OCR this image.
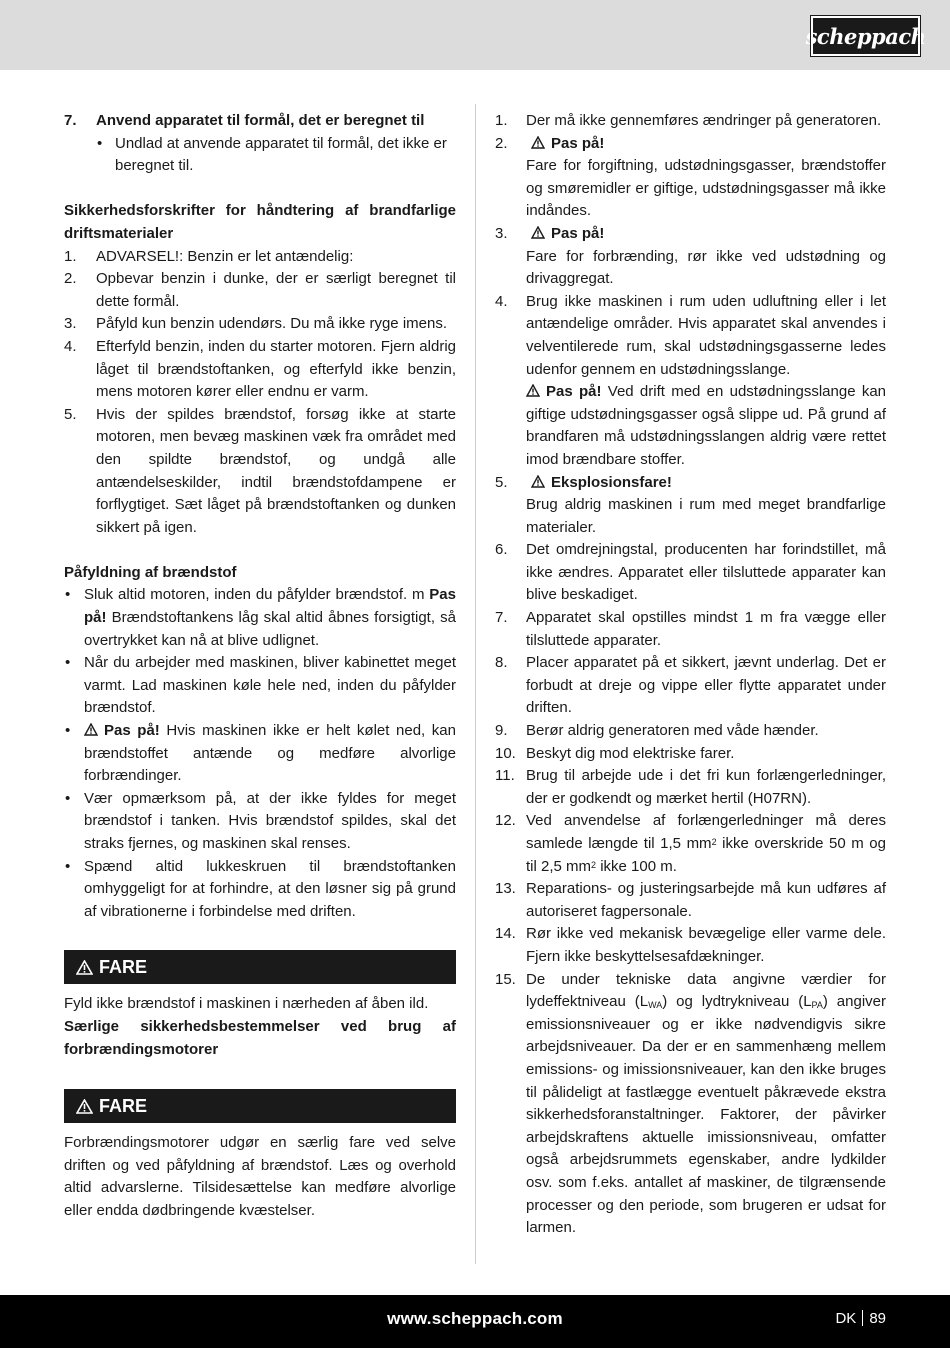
scheppach
7.	Anvend apparatet til formål, det er beregnet til
• Undlad at anvende apparatet til formål, det ikke er beregnet til.
Sikkerhedsforskrifter for håndtering af brandfarlige driftsmaterialer
1.	ADVARSEL!: Benzin er let antændelig:
2.	Opbevar benzin i dunke, der er særligt beregnet til dette formål.
3.	Påfyld kun benzin udendørs. Du må ikke ryge imens.
4.	Efterfyld benzin, inden du starter motoren. Fjern aldrig låget til brændstoftanken, og efterfyld ikke benzin, mens motoren kører eller endnu er varm.
5.	Hvis der spildes brændstof, forsøg ikke at starte motoren, men bevæg maskinen væk fra området med den spildte brændstof, og undgå alle antændelseskilder, indtil brændstofdampene er forflygtiget. Sæt låget på brændstoftanken og dunken sikkert på igen.
Påfyldning af brændstof
• Sluk altid motoren, inden du påfylder brændstof. m Pas på! Brændstoftankens låg skal altid åbnes forsigtigt, så overtrykket kan nå at blive udlignet.
• Når du arbejder med maskinen, bliver kabinettet meget varmt. Lad maskinen køle hele ned, inden du påfylder brændstof.
•	Pas på! Hvis maskinen ikke er helt kølet ned, kan brændstoffet antænde og medføre alvorlige forbrændinger.
• Vær opmærksom på, at der ikke fyldes for meget brændstof i tanken. Hvis brændstof spildes, skal det straks fjernes, og maskinen skal renses.
• Spænd altid lukkeskruen til brændstoftanken omhyggeligt for at forhindre, at den løsner sig på grund af vibrationerne i forbindelse med driften.
FARE
Fyld ikke brændstof i maskinen i nærheden af åben ild.
Særlige sikkerhedsbestemmelser ved brug af forbrændingsmotorer
FARE
Forbrændingsmotorer udgør en særlig fare ved selve driften og ved påfyldning af brændstof. Læs og overhold altid advarslerne. Tilsidesættelse kan medføre alvorlige eller endda dødbringende kvæstelser.
1.	Der må ikke gennemføres ændringer på generatoren.
2.	Pas på!
Fare for forgiftning, udstødningsgasser, brændstoffer og smøremidler er giftige, udstødningsgasser må ikke indåndes.
3.	Pas på!
Fare for forbrænding, rør ikke ved udstødning og drivaggregat.
4.	Brug ikke maskinen i rum uden udluftning eller i let antændelige områder. Hvis apparatet skal anvendes i velventilerede rum, skal udstødningsgasserne ledes udenfor gennem en udstødningsslange.

Pas på! Ved drift med en udstødningsslange kan giftige udstødningsgasser også slippe ud. På grund af brandfaren må udstødningsslangen aldrig være rettet imod brændbare stoffer.
5.	Eksplosionsfare!
Brug aldrig maskinen i rum med meget brandfarlige materialer.
6.	Det omdrejningstal, producenten har forindstillet, må ikke ændres. Apparatet eller tilsluttede apparater kan blive beskadiget.
7.	Apparatet skal opstilles mindst 1 m fra vægge eller tilsluttede apparater.
8.	Placer apparatet på et sikkert, jævnt underlag. Det er forbudt at dreje og vippe eller flytte apparatet under driften.
9.	Berør aldrig generatoren med våde hænder.
10. Beskyt dig mod elektriske farer.
11. Brug til arbejde ude i det fri kun forlængerledninger, der er godkendt og mærket hertil (H07RN).
12. Ved anvendelse af forlængerledninger må deres samlede længde til 1,5 $mm^2$ ikke overskride 50 m og til 2,5 $mm^2$ ikke 100 m.
13. Reparations- og justeringsarbejde må kun udføres af autoriseret fagpersonale.
14. Rør ikke ved mekanisk bevægelige eller varme dele. Fjern ikke beskyttelsesafdækninger.
15. De under tekniske data angivne værdier for lydeffektniveau $(L_{WA})$ og lydtrykniveau $(L_{PA})$ angiver emissionsniveauer og er ikke nødvendigvis sikre arbejdsniveauer. Da der er en sammenhæng mellem emissions- og imissionsniveauer, kan den ikke bruges til pålideligt at fastlægge eventuelt påkrævede ekstra sikkerhedsforanstaltninger. Faktorer, der påvirker arbejdskraftens aktuelle imissionsniveau, omfatter også arbejdsrummets egenskaber, andre lydkilder osv. som f.eks. antallet af maskiner, de tilgrænsende processer og den periode, som brugeren er udsat for larmen.
www.scheppach.com	DK 89
